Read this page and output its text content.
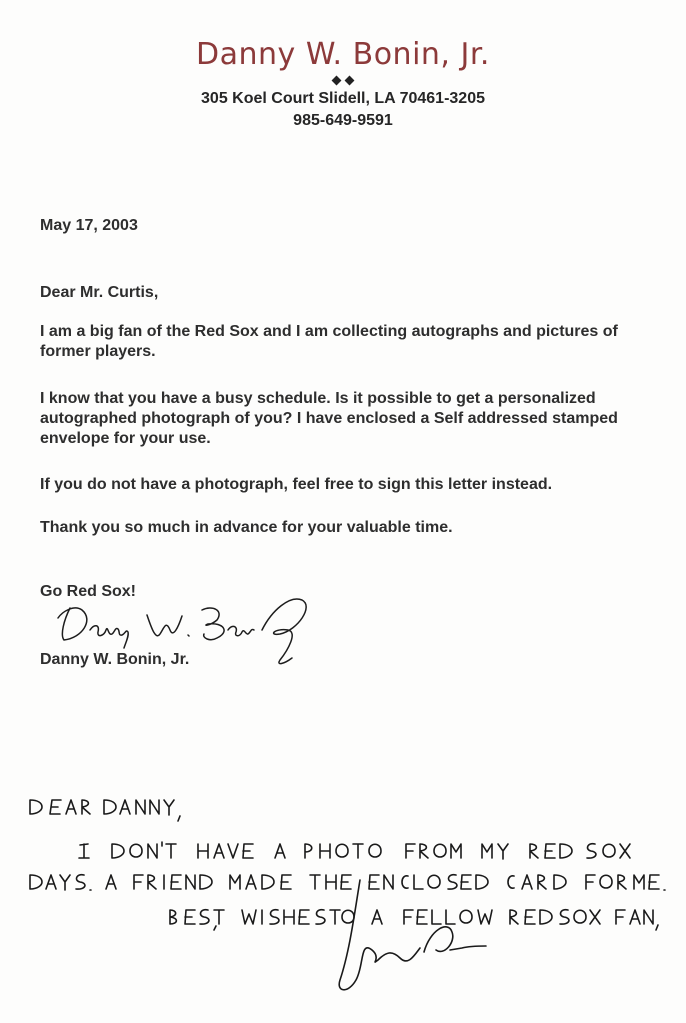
Danny W. Bonin, Jr.
305 Koel Court Slidell, LA 70461-3205
985-649-9591
May 17, 2003
Dear Mr. Curtis,
I am a big fan of the Red Sox and I am collecting autographs and pictures of former players.
I know that you have a busy schedule. Is it possible to get a personalized autographed photograph of you? I have enclosed a Self addressed stamped envelope for your use.
If you do not have a photograph, feel free to sign this letter instead.
Thank you so much in advance for your valuable time.
Go Red Sox!
Danny W. Bonin, Jr.
